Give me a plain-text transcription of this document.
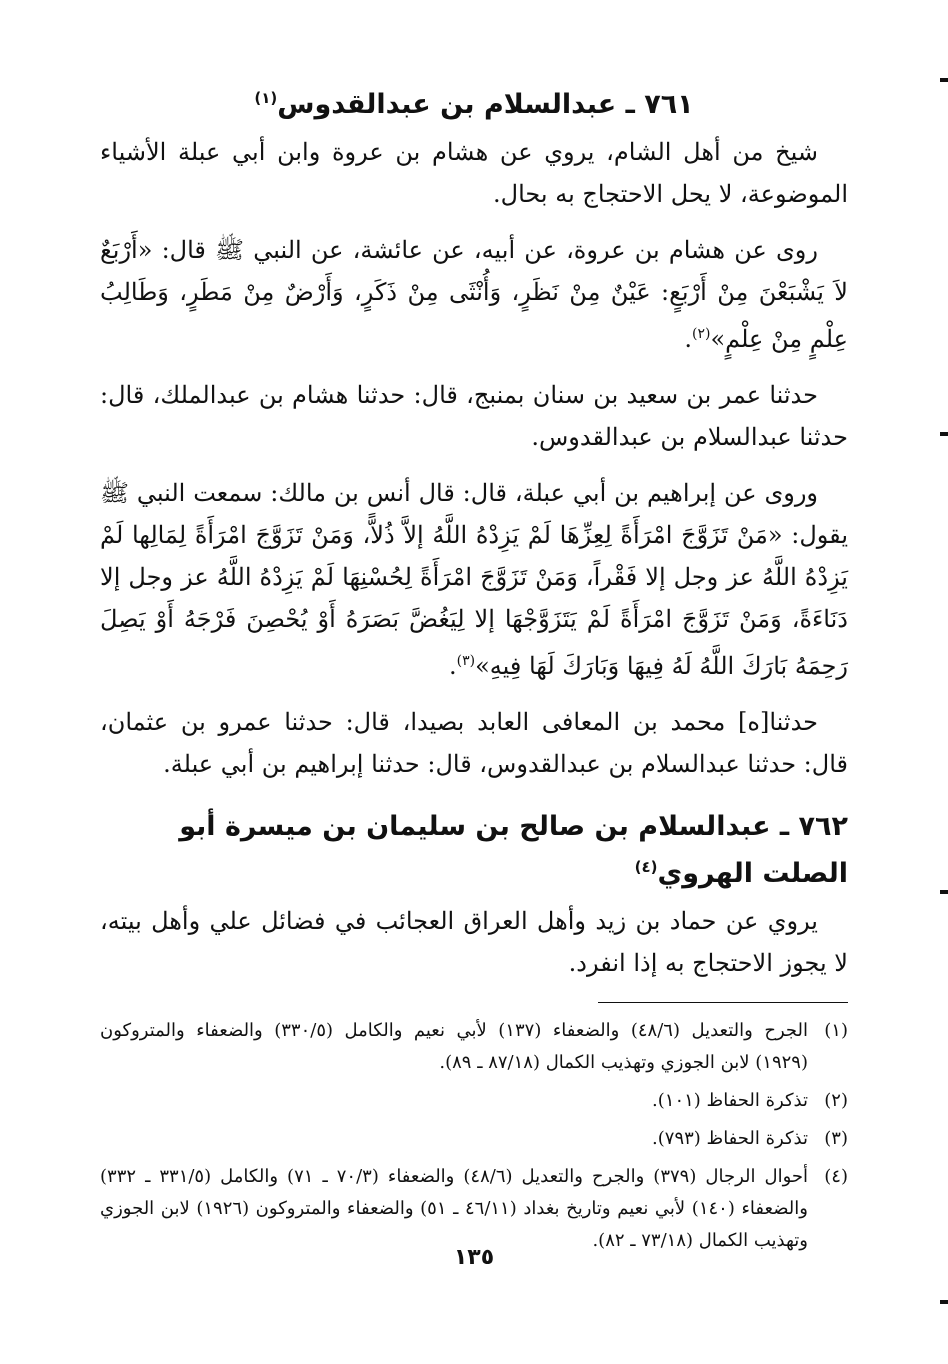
٧٦١ ـ عبدالسلام بن عبدالقدوس$^{(١)}$

شيخ من أهل الشام، يروي عن هشام بن عروة وابن أبي عبلة الأشياء الموضوعة، لا يحل الاحتجاج به بحال.

روى عن هشام بن عروة، عن أبيه، عن عائشة، عن النبي ﷺ قال: «أَرْبَعٌ لاَ يَشْبَعْنَ مِنْ أَرْبَعٍ: عَيْنٌ مِنْ نَظَرٍ، وَأُنْثَى مِنْ ذَكَرٍ، وَأَرْضٌ مِنْ مَطَرٍ، وَطَالِبُ عِلْمٍ مِنْ عِلْمٍ»$^{(٢)}$.

حدثنا عمر بن سعيد بن سنان بمنبج، قال: حدثنا هشام بن عبدالملك، قال: حدثنا عبدالسلام بن عبدالقدوس.

وروى عن إبراهيم بن أبي عبلة، قال: قال أنس بن مالك: سمعت النبي ﷺ يقول: «مَنْ تَزَوَّجَ امْرَأَةً لِعِزِّهَا لَمْ يَزِدْهُ اللَّهُ إلاَّ ذُلاًّ، وَمَنْ تَزَوَّجَ امْرَأَةً لِمَالِها لَمْ يَزِدْهُ اللَّهُ عز وجل إلا فَقْراً، وَمَنْ تَزَوَّجَ امْرَأَةً لِحُسْنِهَا لَمْ يَزِدْهُ اللَّهُ عز وجل إلا دَنَاءَةً، وَمَنْ تَزَوَّجَ امْرَأَةً لَمْ يَتَزَوَّجْهَا إلا لِيَغُضَّ بَصَرَهُ أَوْ يُحْصِنَ فَرْجَهُ أَوْ يَصِلَ رَحِمَهُ بَارَكَ اللَّهُ لَهُ فِيهَا وَبَارَكَ لَهَا فِيهِ»$^{(٣)}$.

حدثنا[ه] محمد بن المعافى العابد بصيدا، قال: حدثنا عمرو بن عثمان، قال: حدثنا عبدالسلام بن عبدالقدوس، قال: حدثنا إبراهيم بن أبي عبلة.

٧٦٢ ـ عبدالسلام بن صالح بن سليمان بن ميسرة أبو الصلت الهروي$^{(٤)}$

يروي عن حماد بن زيد وأهل العراق العجائب في فضائل علي وأهل بيته، لا يجوز الاحتجاج به إذا انفرد.

(١)
الجرح والتعديل (٤٨/٦) والضعفاء (١٣٧) لأبي نعيم والكامل (٣٣٠/٥) والضعفاء والمتروكون (١٩٢٩) لابن الجوزي وتهذيب الكمال (٨٧/١٨ ـ ٨٩).
(٢)
تذكرة الحفاظ (١٠١).
(٣)
تذكرة الحفاظ (٧٩٣).
(٤)
أحوال الرجال (٣٧٩) والجرح والتعديل (٤٨/٦) والضعفاء (٧٠/٣ ـ ٧١) والكامل (٣٣١/٥ ـ ٣٣٢) والضعفاء (١٤٠) لأبي نعيم وتاريخ بغداد (٤٦/١١ ـ ٥١) والضعفاء والمتروكون (١٩٢٦) لابن الجوزي وتهذيب الكمال (٧٣/١٨ ـ ٨٢).
١٣٥
